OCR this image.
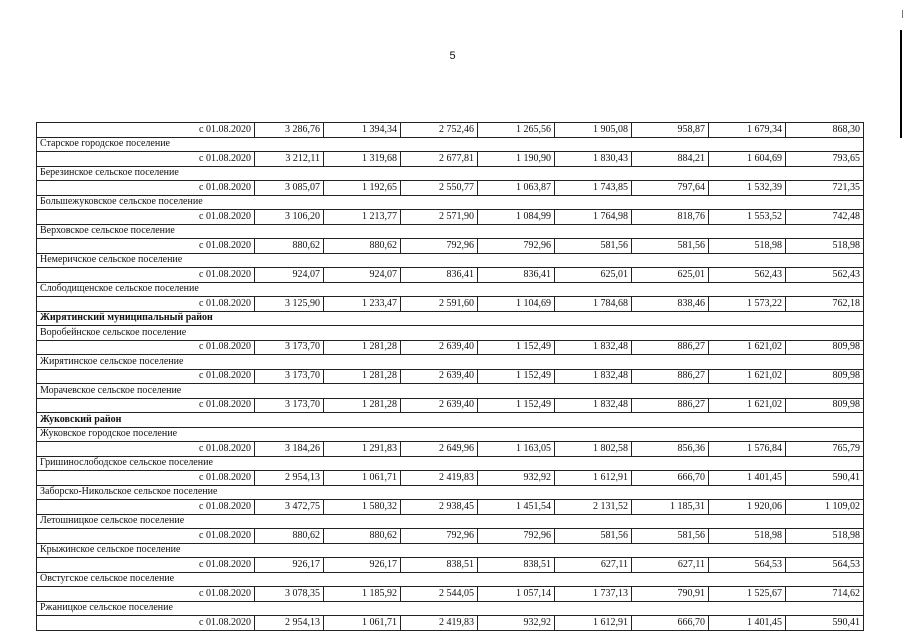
5
с 01.08.2020	3 286,76	1 394,34	2 752,46	1 265,56	1 905,08	958,87	1 679,34	868,30
Старское городское поселение								
с 01.08.2020	3 212,11	1 319,68	2 677,81	1 190,90	1 830,43	884,21	1 604,69	793,65
Березинское сельское поселение								
с 01.08.2020	3 085,07	1 192,65	2 550,77	1 063,87	1 743,85	797,64	1 532,39	721,35
Большежуковское сельское поселение								
с 01.08.2020	3 106,20	1 213,77	2 571,90	1 084,99	1 764,98	818,76	1 553,52	742,48
Верховское сельское поселение								
с 01.08.2020	880,62	880,62	792,96	792,96	581,56	581,56	518,98	518,98
Немеричское сельское поселение								
с 01.08.2020	924,07	924,07	836,41	836,41	625,01	625,01	562,43	562,43
Слободищенское сельское поселение								
с 01.08.2020	3 125,90	1 233,47	2 591,60	1 104,69	1 784,68	838,46	1 573,22	762,18
Жирятинский муниципальный район								
Воробейнское сельское поселение								
с 01.08.2020	3 173,70	1 281,28	2 639,40	1 152,49	1 832,48	886,27	1 621,02	809,98
Жирятинское сельское поселение								
с 01.08.2020	3 173,70	1 281,28	2 639,40	1 152,49	1 832,48	886,27	1 621,02	809,98
Морачевское сельское поселение								
с 01.08.2020	3 173,70	1 281,28	2 639,40	1 152,49	1 832,48	886,27	1 621,02	809,98
Жуковский район								
Жуковское городское поселение								
с 01.08.2020	3 184,26	1 291,83	2 649,96	1 163,05	1 802,58	856,36	1 576,84	765,79
Гришинослободское сельское поселение								
с 01.08.2020	2 954,13	1 061,71	2 419,83	932,92	1 612,91	666,70	1 401,45	590,41
Заборско-Никольское сельское поселение								
с 01.08.2020	3 472,75	1 580,32	2 938,45	1 451,54	2 131,52	1 185,31	1 920,06	1 109,02
Летошницкое сельское поселение								
с 01.08.2020	880,62	880,62	792,96	792,96	581,56	581,56	518,98	518,98
Крыжинское сельское поселение								
с 01.08.2020	926,17	926,17	838,51	838,51	627,11	627,11	564,53	564,53
Овстугское сельское поселение								
с 01.08.2020	3 078,35	1 185,92	2 544,05	1 057,14	1 737,13	790,91	1 525,67	714,62
Ржаницкое сельское поселение								
с 01.08.2020	2 954,13	1 061,71	2 419,83	932,92	1 612,91	666,70	1 401,45	590,41
